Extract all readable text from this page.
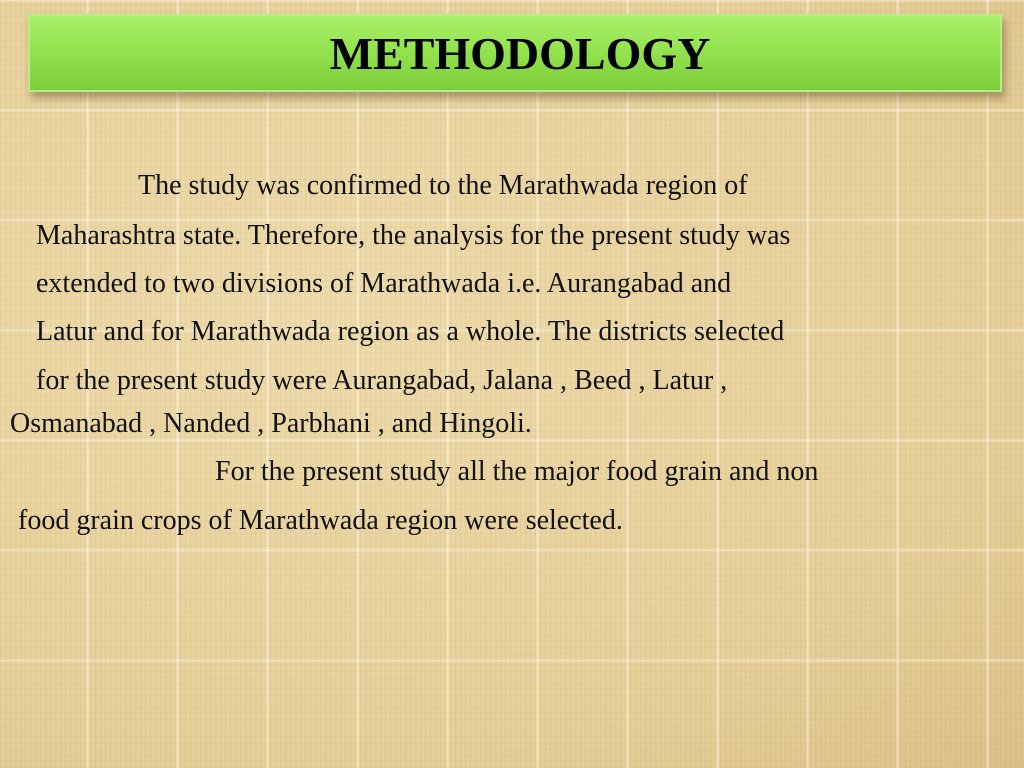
METHODOLOGY
The study was confirmed to the Marathwada region of
Maharashtra state. Therefore, the analysis for the present study was
extended to two divisions of Marathwada i.e. Aurangabad and
Latur and for Marathwada region as a whole. The districts selected
for the present study were Aurangabad, Jalana , Beed , Latur ,
Osmanabad , Nanded , Parbhani , and Hingoli.
For the present study all the major food grain and non
food grain crops of Marathwada region were selected.
